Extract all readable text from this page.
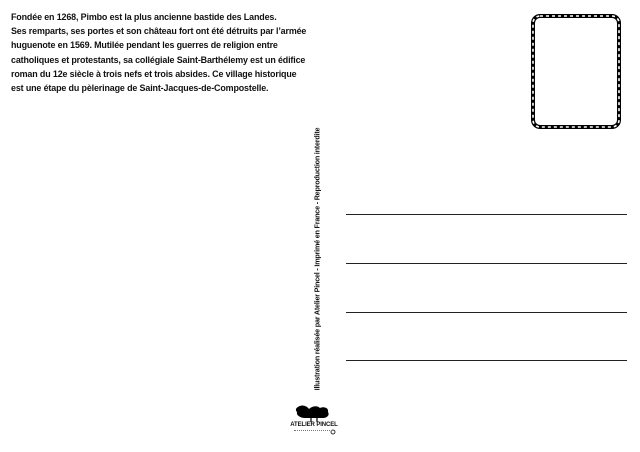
Fondée en 1268, Pimbo est la plus ancienne bastide des Landes.
Ses remparts, ses portes et son château fort ont été détruits par l’armée
huguenote en 1569. Mutilée pendant les guerres de religion entre
catholiques et protestants, sa collégiale Saint-Barthélemy est un édifice
roman du 12e siècle à trois nefs et trois absides. Ce village historique
est une étape du pèlerinage de Saint-Jacques-de-Compostelle.
Illustration réalisée par Atelier Pincel - Imprimé en France - Reproduction interdite
ATELIER PINCEL
